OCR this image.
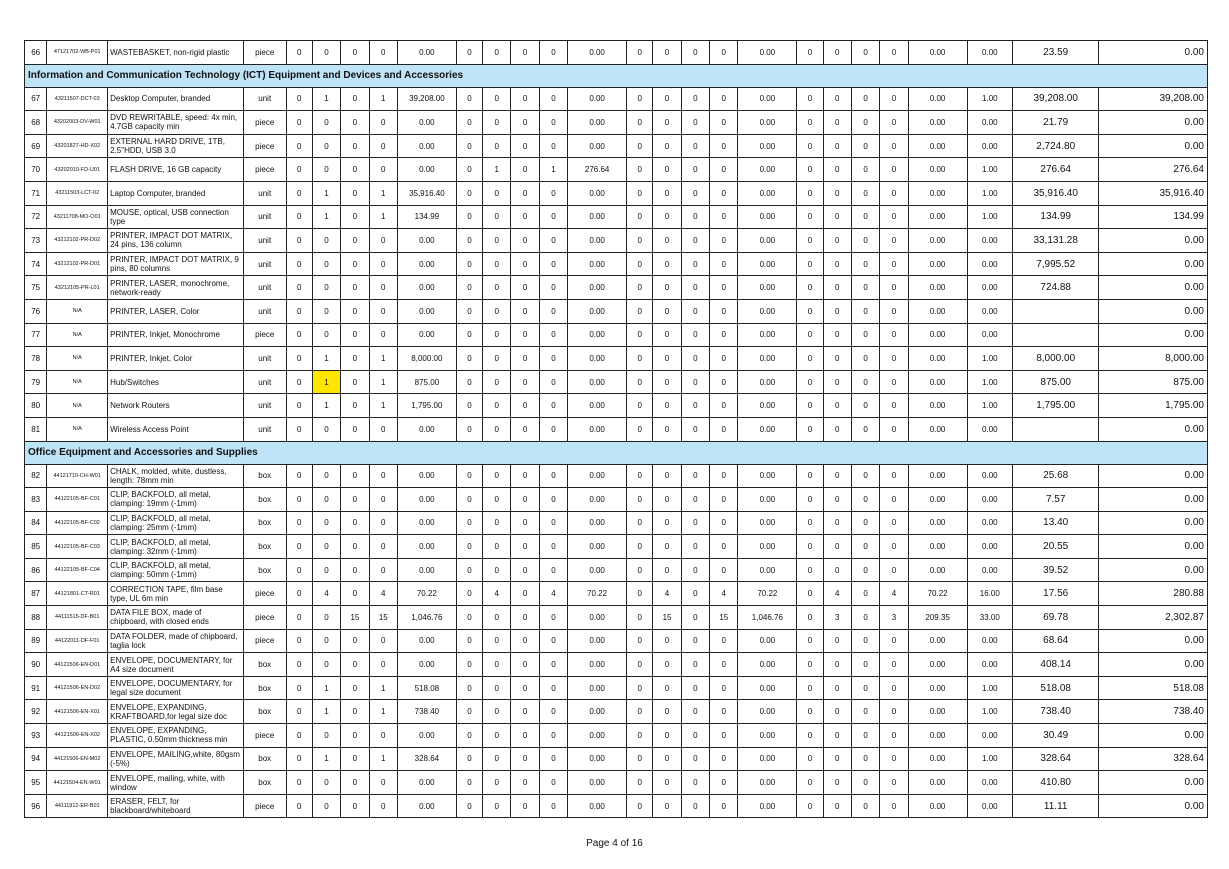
66	47121702-WB-P01	WASTEBASKET, non-rigid plastic	piece	0	0	0	0	0.00	0	0	0	0	0.00	0	0	0	0	0.00	0	0	0	0	0.00	0.00	23.59	0.00
Information and Communication Technology (ICT) Equipment and Devices and Accessories																										
67	43211507-DCT-03	Desktop Computer, branded	unit	0	1	0	1	39,208.00	0	0	0	0	0.00	0	0	0	0	0.00	0	0	0	0	0.00	1.00	39,208.00	39,208.00
68	43202003-DV-W01	DVD REWRITABLE, speed: 4x min, 4.7GB capacity min	piece	0	0	0	0	0.00	0	0	0	0	0.00	0	0	0	0	0.00	0	0	0	0	0.00	0.00	21.79	0.00
69	43201827-HD-X02	EXTERNAL HARD DRIVE, 1TB, 2.5"HDD, USB 3.0	piece	0	0	0	0	0.00	0	0	0	0	0.00	0	0	0	0	0.00	0	0	0	0	0.00	0.00	2,724.80	0.00
70	43202010-FD-U01	FLASH DRIVE, 16 GB capacity	piece	0	0	0	0	0.00	0	1	0	1	276.64	0	0	0	0	0.00	0	0	0	0	0.00	1.00	276.64	276.64
71	43211503-LCT-02	Laptop Computer, branded	unit	0	1	0	1	35,916.40	0	0	0	0	0.00	0	0	0	0	0.00	0	0	0	0	0.00	1.00	35,916.40	35,916.40
72	43211708-MO-O01	MOUSE, optical, USB connection type	unit	0	1	0	1	134.99	0	0	0	0	0.00	0	0	0	0	0.00	0	0	0	0	0.00	1.00	134.99	134.99
73	43212102-PR-D02	PRINTER, IMPACT DOT MATRIX, 24 pins, 136 column	unit	0	0	0	0	0.00	0	0	0	0	0.00	0	0	0	0	0.00	0	0	0	0	0.00	0.00	33,131.28	0.00
74	43212102-PR-D01	PRINTER, IMPACT DOT MATRIX, 9 pins, 80 columns	unit	0	0	0	0	0.00	0	0	0	0	0.00	0	0	0	0	0.00	0	0	0	0	0.00	0.00	7,995.52	0.00
75	43212105-PR-L01	PRINTER, LASER, monochrome, network-ready	unit	0	0	0	0	0.00	0	0	0	0	0.00	0	0	0	0	0.00	0	0	0	0	0.00	0.00	724.88	0.00
76	N/A	PRINTER, LASER, Color	unit	0	0	0	0	0.00	0	0	0	0	0.00	0	0	0	0	0.00	0	0	0	0	0.00	0.00		0.00
77	N/A	PRINTER, Inkjet, Monochrome	piece	0	0	0	0	0.00	0	0	0	0	0.00	0	0	0	0	0.00	0	0	0	0	0.00	0.00		0.00
78	N/A	PRINTER, Inkjet, Color	unit	0	1	0	1	8,000.00	0	0	0	0	0.00	0	0	0	0	0.00	0	0	0	0	0.00	1.00	8,000.00	8,000.00
79	N/A	Hub/Switches	unit	0	1	0	1	875.00	0	0	0	0	0.00	0	0	0	0	0.00	0	0	0	0	0.00	1.00	875.00	875.00
80	N/A	Network Routers	unit	0	1	0	1	1,795.00	0	0	0	0	0.00	0	0	0	0	0.00	0	0	0	0	0.00	1.00	1,795.00	1,795.00
81	N/A	Wireless Access Point	unit	0	0	0	0	0.00	0	0	0	0	0.00	0	0	0	0	0.00	0	0	0	0	0.00	0.00		0.00
Office Equipment and Accessories and Supplies																										
82	44121710-CH-W01	CHALK, molded, white, dustless, length: 78mm min	box	0	0	0	0	0.00	0	0	0	0	0.00	0	0	0	0	0.00	0	0	0	0	0.00	0.00	25.68	0.00
83	44122105-BF-C01	CLIP, BACKFOLD, all metal, clamping: 19mm (-1mm)	box	0	0	0	0	0.00	0	0	0	0	0.00	0	0	0	0	0.00	0	0	0	0	0.00	0.00	7.57	0.00
84	44122105-BF-C02	CLIP, BACKFOLD, all metal, clamping: 25mm (-1mm)	box	0	0	0	0	0.00	0	0	0	0	0.00	0	0	0	0	0.00	0	0	0	0	0.00	0.00	13.40	0.00
85	44122105-BF-C03	CLIP, BACKFOLD, all metal, clamping: 32mm (-1mm)	box	0	0	0	0	0.00	0	0	0	0	0.00	0	0	0	0	0.00	0	0	0	0	0.00	0.00	20.55	0.00
86	44122105-BF-C04	CLIP, BACKFOLD, all metal, clamping: 50mm (-1mm)	box	0	0	0	0	0.00	0	0	0	0	0.00	0	0	0	0	0.00	0	0	0	0	0.00	0.00	39.52	0.00
87	44121801-CT-R01	CORRECTION TAPE, film base type, UL 6m min	piece	0	4	0	4	70.22	0	4	0	4	70.22	0	4	0	4	70.22	0	4	0	4	70.22	16.00	17.56	280.88
88	44111515-DF-B01	DATA FILE BOX, made of chipboard, with closed ends	piece	0	0	15	15	1,046.76	0	0	0	0	0.00	0	15	0	15	1,046.76	0	3	0	3	209.35	33.00	69.78	2,302.87
89	44122011-DF-F01	DATA FOLDER, made of chipboard, taglia lock	piece	0	0	0	0	0.00	0	0	0	0	0.00	0	0	0	0	0.00	0	0	0	0	0.00	0.00	68.64	0.00
90	44121506-EN-D01	ENVELOPE, DOCUMENTARY, for A4 size document	box	0	0	0	0	0.00	0	0	0	0	0.00	0	0	0	0	0.00	0	0	0	0	0.00	0.00	408.14	0.00
91	44121506-EN-D02	ENVELOPE, DOCUMENTARY, for legal size document	box	0	1	0	1	518.08	0	0	0	0	0.00	0	0	0	0	0.00	0	0	0	0	0.00	1.00	518.08	518.08
92	44121506-EN-X01	ENVELOPE, EXPANDING, KRAFTBOARD,for legal size doc	box	0	1	0	1	738.40	0	0	0	0	0.00	0	0	0	0	0.00	0	0	0	0	0.00	1.00	738.40	738.40
93	44121506-EN-X02	ENVELOPE, EXPANDING, PLASTIC, 0.50mm thickness min	piece	0	0	0	0	0.00	0	0	0	0	0.00	0	0	0	0	0.00	0	0	0	0	0.00	0.00	30.49	0.00
94	44121506-EN-M02	ENVELOPE, MAILING,white, 80gsm (-5%)	box	0	1	0	1	328.64	0	0	0	0	0.00	0	0	0	0	0.00	0	0	0	0	0.00	1.00	328.64	328.64
95	44121504-EN-W01	ENVELOPE, mailing, white, with window	box	0	0	0	0	0.00	0	0	0	0	0.00	0	0	0	0	0.00	0	0	0	0	0.00	0.00	410.80	0.00
96	44111912-ER-B01	ERASER, FELT, for blackboard/whiteboard	piece	0	0	0	0	0.00	0	0	0	0	0.00	0	0	0	0	0.00	0	0	0	0	0.00	0.00	11.11	0.00
Page 4 of 16
